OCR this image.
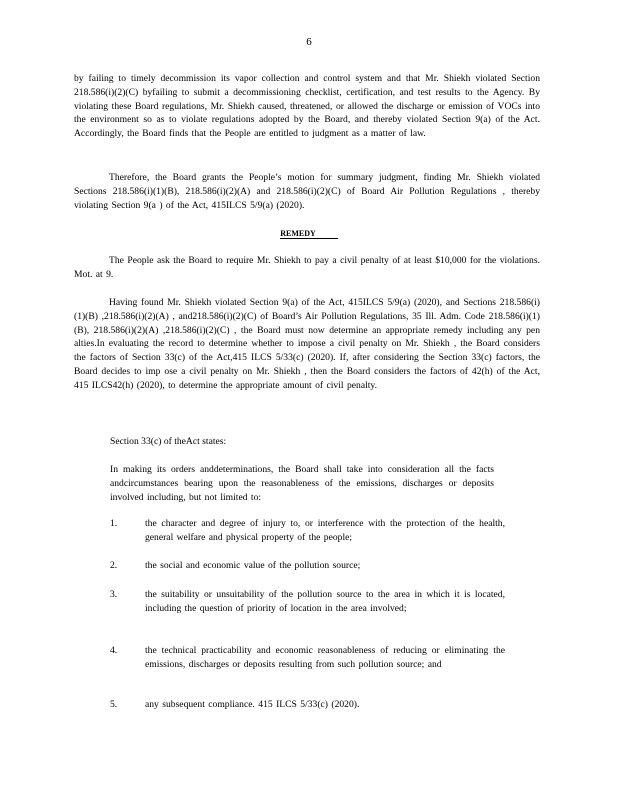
6

by failing to timely decommission its vapor collection and control system and that Mr. Shiekh violated Section 218.586(i)(2)(C) byfailing to submit a decommissioning checklist, certification, and test results to the Agency. By violating these Board regulations, Mr. Shiekh caused, threatened, or allowed the discharge or emission of VOCs into the environment so as to violate regulations adopted by the Board, and thereby violated Section 9(a) of the Act. Accordingly, the Board finds that the People are entitled to judgment as a matter of law.

Therefore, the Board grants the People’s motion for summary judgment, finding Mr. Shiekh violated Sections 218.586(i)(1)(B), 218.586(i)(2)(A) and 218.586(i)(2)(C) of Board Air Pollution Regulations , thereby violating Section 9(a ) of the Act, 415ILCS 5/9(a) (2020).

REMEDY

The People ask the Board to require Mr. Shiekh to pay a civil penalty of at least $10,000 for the violations. Mot. at 9.

Having found Mr. Shiekh violated Section 9(a) of the Act, 415ILCS 5/9(a) (2020), and Sections 218.586(i)(1)(B) ,218.586(i)(2)(A) , and218.586(i)(2)(C) of Board’s Air Pollution Regulations, 35 Ill. Adm. Code 218.586(i)(1)(B), 218.586(i)(2)(A) ,218.586(i)(2)(C) , the Board must now determine an appropriate remedy including any pen alties.In evaluating the record to determine whether to impose a civil penalty on Mr. Shiekh , the Board considers the factors of Section 33(c) of the Act,415 ILCS 5/33(c) (2020). If, after considering the Section 33(c) factors, the Board decides to imp ose a civil penalty on Mr. Shiekh , then the Board considers the factors of 42(h) of the Act, 415 ILCS42(h) (2020), to determine the appropriate amount of civil penalty.

Section 33(c) of theAct states:

In making its orders anddeterminations, the Board shall take into consideration all the facts andcircumstances bearing upon the reasonableness of the emissions, discharges or deposits involved including, but not limited to:

1.	the character and degree of injury to, or interference with the protection of the health, general welfare and physical property of the people;
2.	the social and economic value of the pollution source;
3.	the suitability or unsuitability of the pollution source to the area in which it is located, including the question of priority of location in the area involved;
4.	the technical practicability and economic reasonableness of reducing or eliminating the emissions, discharges or deposits resulting from such pollution source; and
5.	any subsequent compliance. 415 ILCS 5/33(c) (2020).
